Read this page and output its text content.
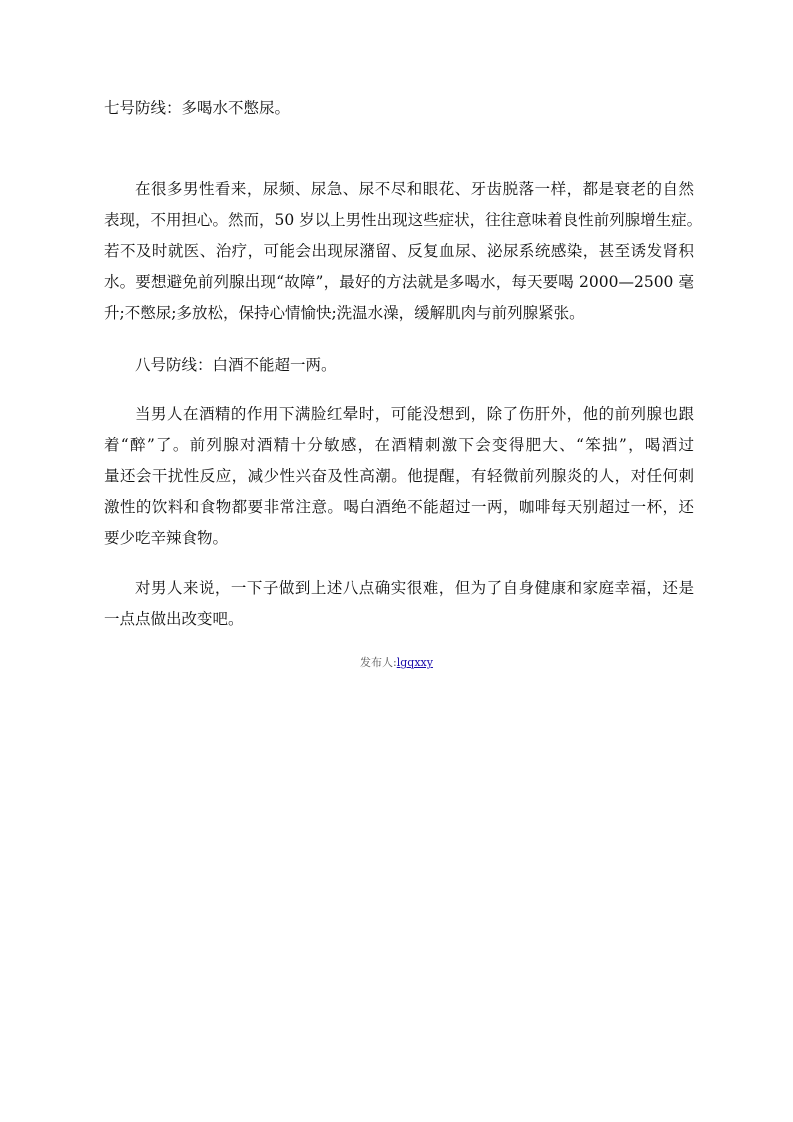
七号防线：多喝水不憋尿。
在很多男性看来，尿频、尿急、尿不尽和眼花、牙齿脱落一样，都是衰老的自然
表现，不用担心。然而，50 岁以上男性出现这些症状，往往意味着良性前列腺增生症。
若不及时就医、治疗，可能会出现尿潴留、反复血尿、泌尿系统感染，甚至诱发肾积
水。要想避免前列腺出现“故障”，最好的方法就是多喝水，每天要喝 2000—2500 毫
升;不憋尿;多放松，保持心情愉快;洗温水澡，缓解肌肉与前列腺紧张。
八号防线：白酒不能超一两。
当男人在酒精的作用下满脸红晕时，可能没想到，除了伤肝外，他的前列腺也跟
着“醉”了。前列腺对酒精十分敏感，在酒精刺激下会变得肥大、“笨拙”，喝酒过
量还会干扰性反应，减少性兴奋及性高潮。他提醒，有轻微前列腺炎的人，对任何刺
激性的饮料和食物都要非常注意。喝白酒绝不能超过一两，咖啡每天别超过一杯，还
要少吃辛辣食物。
对男人来说，一下子做到上述八点确实很难，但为了自身健康和家庭幸福，还是
一点点做出改变吧。
发布人:lgqxxy
